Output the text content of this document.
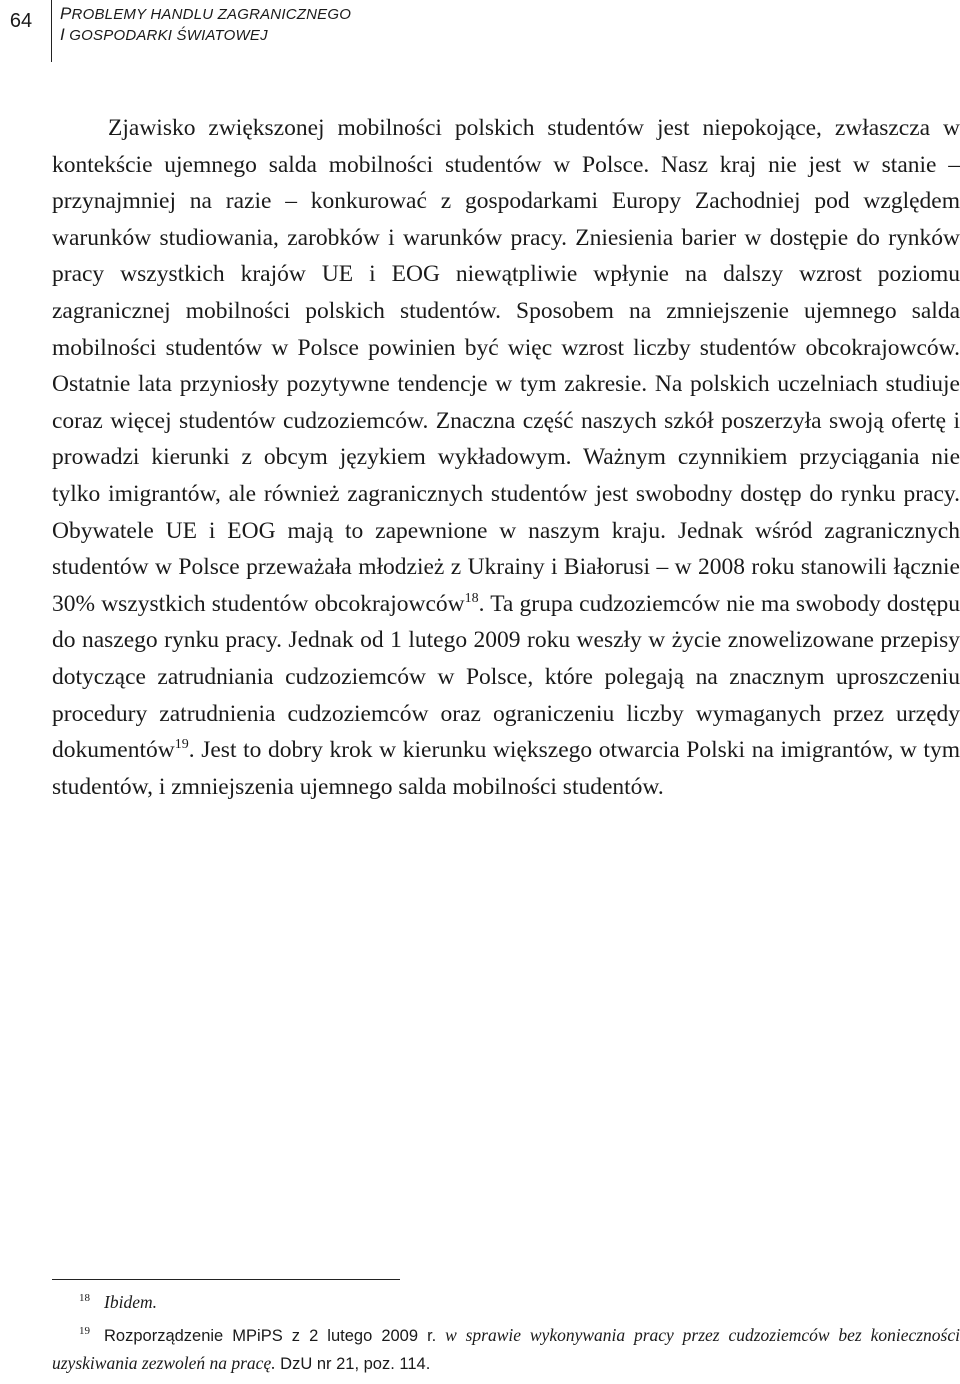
64	PROBLEMY HANDLU ZAGRANICZNEGO
I GOSPODARKI ŚWIATOWEJ

Zjawisko zwiększonej mobilności polskich studentów jest niepokojące, zwłaszcza w kontekście ujemnego salda mobilności studentów w Polsce. Nasz kraj nie jest w stanie – przynajmniej na razie – konkurować z gospodarkami Europy Zachodniej pod względem warunków studiowania, zarobków i warunków pracy. Zniesienia barier w dostępie do rynków pracy wszystkich krajów UE i EOG niewątpliwie wpłynie na dalszy wzrost poziomu zagranicznej mobilności polskich studentów. Sposobem na zmniejszenie ujemnego salda mobilności studentów w Polsce powinien być więc wzrost liczby studentów obcokrajowców. Ostatnie lata przyniosły pozytywne tendencje w tym zakresie. Na polskich uczelniach studiuje coraz więcej studentów cudzoziemców. Znaczna część naszych szkół poszerzyła swoją ofertę i prowadzi kierunki z obcym językiem wykładowym. Ważnym czynnikiem przyciągania nie tylko imigrantów, ale również zagranicznych studentów jest swobodny dostęp do rynku pracy. Obywatele UE i EOG mają to zapewnione w naszym kraju. Jednak wśród zagranicznych studentów w Polsce przeważała młodzież z Ukrainy i Białorusi – w 2008 roku stanowili łącznie 30% wszystkich studentów obcokrajowców$^{18}$. Ta grupa cudzoziemców nie ma swobody dostępu do naszego rynku pracy. Jednak od 1 lutego 2009 roku weszły w życie znowelizowane przepisy dotyczące zatrudniania cudzoziemców w Polsce, które polegają na znacznym uproszczeniu procedury zatrudnienia cudzoziemców oraz ograniczeniu liczby wymaganych przez urzędy dokumentów$^{19}$. Jest to dobry krok w kierunku większego otwarcia Polski na imigrantów, w tym studentów, i zmniejszenia ujemnego salda mobilności studentów.

$^{18}$ Ibidem.

$^{19}$ Rozporządzenie MPiPS z 2 lutego 2009 r. w sprawie wykonywania pracy przez cudzoziemców bez konieczności uzyskiwania zezwoleń na pracę. DzU nr 21, poz. 114.
